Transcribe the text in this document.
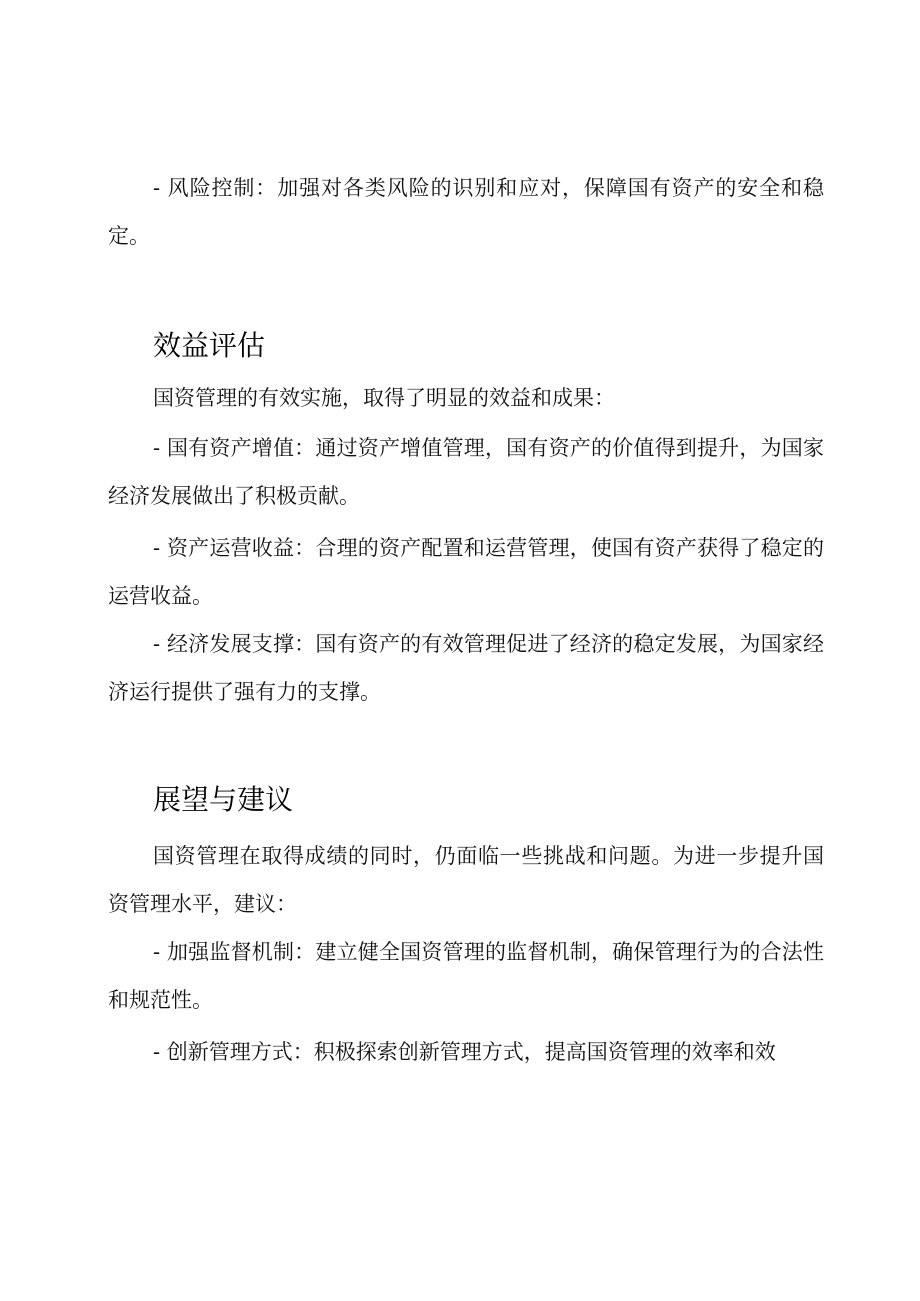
- 风险控制：加强对各类风险的识别和应对，保障国有资产的安全和稳定。

效益评估

国资管理的有效实施，取得了明显的效益和成果：

- 国有资产增值：通过资产增值管理，国有资产的价值得到提升，为国家经济发展做出了积极贡献。

- 资产运营收益：合理的资产配置和运营管理，使国有资产获得了稳定的运营收益。

- 经济发展支撑：国有资产的有效管理促进了经济的稳定发展，为国家经济运行提供了强有力的支撑。

展望与建议

国资管理在取得成绩的同时，仍面临一些挑战和问题。为进一步提升国资管理水平，建议：

- 加强监督机制：建立健全国资管理的监督机制，确保管理行为的合法性和规范性。

- 创新管理方式：积极探索创新管理方式，提高国资管理的效率和效
